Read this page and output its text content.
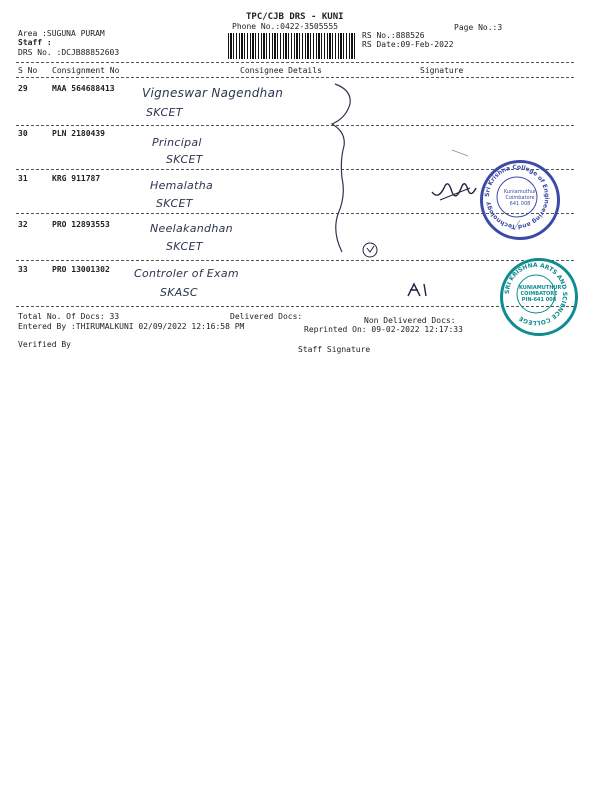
TPC/CJB DRS - KUNI
Phone No.:0422-3505555	Page No.:3
Area :SUGUNA PURAM
Staff :
DRS No. :DCJB88852603
RS No.:888526
RS Date:09-Feb-2022
S No Consignment No	Consignee Details	Signature
29	MAA 564688413 Vigneswar Nagendhan
SKCET
30	PLN 2180439
Principal
SKCET
31	KRG 911787
Hemalatha
SKCET
32	PRO 12893553	Neelakandhan
SKCET
33	PRO 13001302 Controler of Exam
SKASC
Sri Krishna College of Engineering and Technology
Kuniamuthur Coimbatore 641 008
SRI KRISHNA ARTS AND SCIENCE COLLEGE
KUNIAMUTHUR COIMBATORE PIN-641 008
Total No. Of Docs: 33	Delivered Docs:	Non Delivered Docs:
Entered By :THIRUMALKUNI 02/09/2022 12:16:58 PM	Reprinted On: 09-02-2022 12:17:33
Verified By
Staff Signature
